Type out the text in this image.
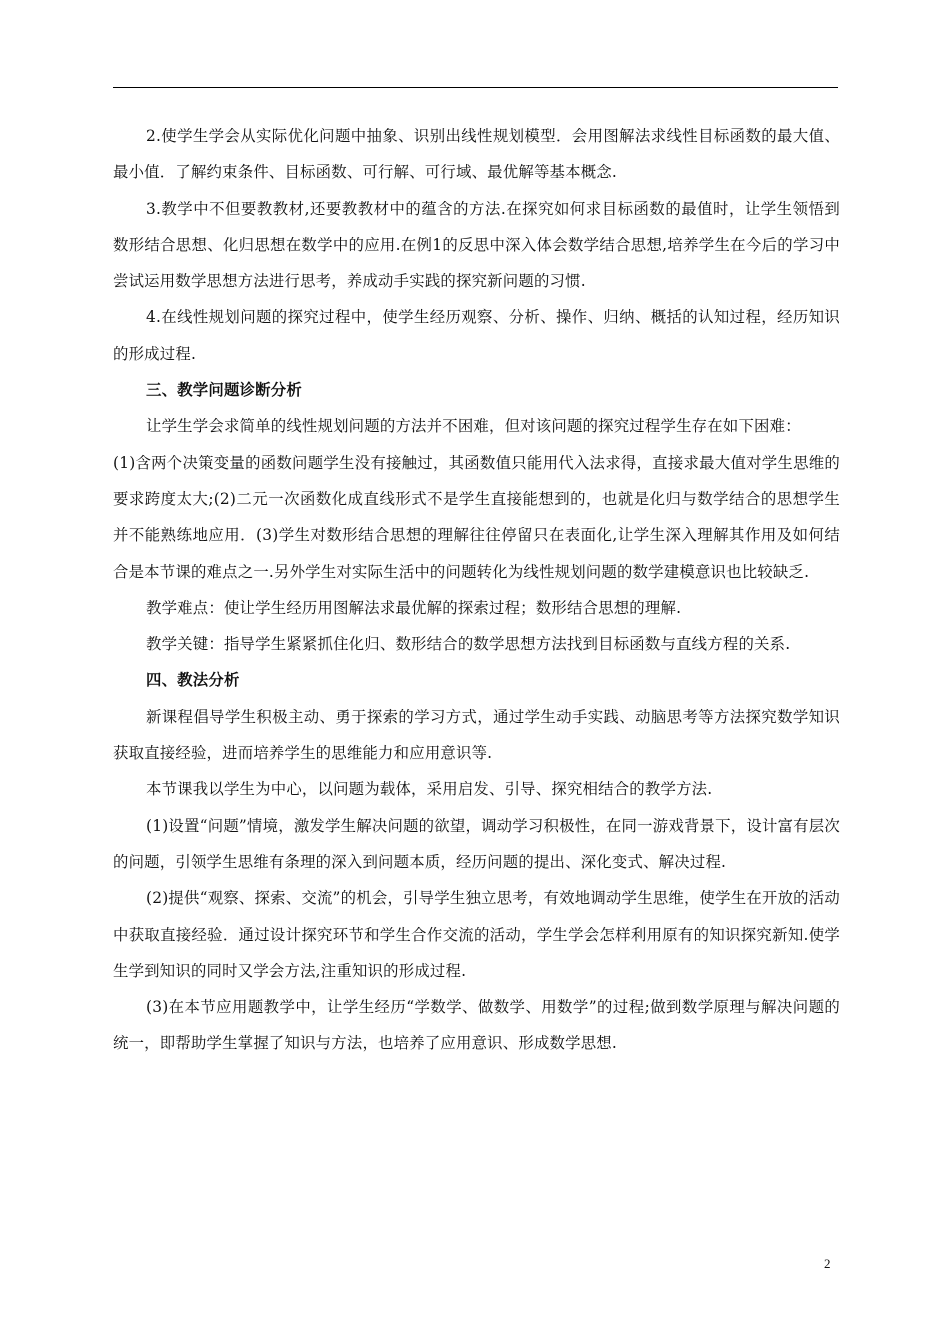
2.使学生学会从实际优化问题中抽象、识别出线性规划模型．会用图解法求线性目标函数的最大值、最小值．了解约束条件、目标函数、可行解、可行域、最优解等基本概念.

3.教学中不但要教教材,还要教教材中的蕴含的方法.在探究如何求目标函数的最值时，让学生领悟到数形结合思想、化归思想在数学中的应用.在例1的反思中深入体会数学结合思想,培养学生在今后的学习中尝试运用数学思想方法进行思考，养成动手实践的探究新问题的习惯.

4.在线性规划问题的探究过程中，使学生经历观察、分析、操作、归纳、概括的认知过程，经历知识的形成过程.

三、教学问题诊断分析

让学生学会求简单的线性规划问题的方法并不困难，但对该问题的探究过程学生存在如下困难：

(1)含两个决策变量的函数问题学生没有接触过，其函数值只能用代入法求得，直接求最大值对学生思维的要求跨度太大;(2)二元一次函数化成直线形式不是学生直接能想到的，也就是化归与数学结合的思想学生并不能熟练地应用．(3)学生对数形结合思想的理解往往停留只在表面化,让学生深入理解其作用及如何结合是本节课的难点之一.另外学生对实际生活中的问题转化为线性规划问题的数学建模意识也比较缺乏.

教学难点：使让学生经历用图解法求最优解的探索过程；数形结合思想的理解.

教学关键：指导学生紧紧抓住化归、数形结合的数学思想方法找到目标函数与直线方程的关系.

四、教法分析

新课程倡导学生积极主动、勇于探索的学习方式，通过学生动手实践、动脑思考等方法探究数学知识获取直接经验，进而培养学生的思维能力和应用意识等.

本节课我以学生为中心，以问题为载体，采用启发、引导、探究相结合的教学方法.

(1)设置“问题”情境，激发学生解决问题的欲望，调动学习积极性，在同一游戏背景下，设计富有层次的问题，引领学生思维有条理的深入到问题本质，经历问题的提出、深化变式、解决过程.

(2)提供“观察、探索、交流”的机会，引导学生独立思考，有效地调动学生思维，使学生在开放的活动中获取直接经验．通过设计探究环节和学生合作交流的活动，学生学会怎样利用原有的知识探究新知.使学生学到知识的同时又学会方法,注重知识的形成过程.

(3)在本节应用题教学中，让学生经历“学数学、做数学、用数学”的过程;做到数学原理与解决问题的统一，即帮助学生掌握了知识与方法，也培养了应用意识、形成数学思想.

2
